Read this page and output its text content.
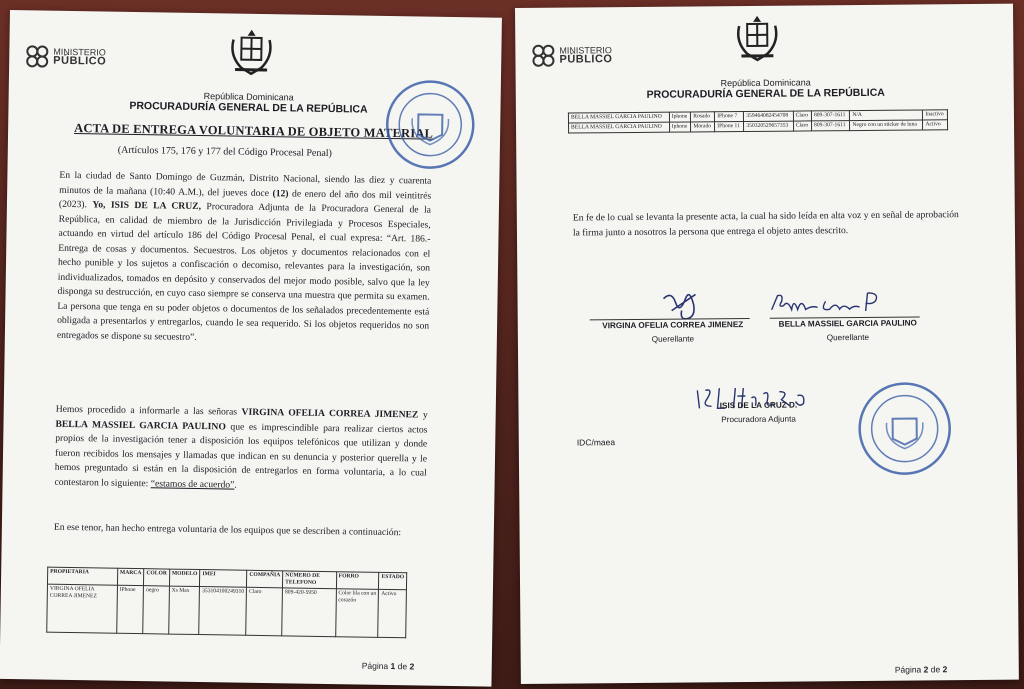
MINISTERIO
PÚBLICO
República Dominicana
PROCURADURÍA GENERAL DE LA REPÚBLICA
ACTA DE ENTREGA VOLUNTARIA DE OBJETO MATERIAL
(Artículos 175, 176 y 177 del Código Procesal Penal)
En la ciudad de Santo Domingo de Guzmán, Distrito Nacional, siendo las diez y cuarenta minutos de la mañana (10:40 A.M.), del jueves doce (12) de enero del año dos mil veintitrés (2023). Yo, ISIS DE LA CRUZ, Procuradora Adjunta de la Procuradora General de la República, en calidad de miembro de la Jurisdicción Privilegiada y Procesos Especiales, actuando en virtud del artículo 186 del Código Procesal Penal, el cual expresa: “Art. 186.- Entrega de cosas y documentos. Secuestros. Los objetos y documentos relacionados con el hecho punible y los sujetos a confiscación o decomiso, relevantes para la investigación, son individualizados, tomados en depósito y conservados del mejor modo posible, salvo que la ley disponga su destrucción, en cuyo caso siempre se conserva una muestra que permita su examen. La persona que tenga en su poder objetos o documentos de los señalados precedentemente está obligada a presentarlos y entregarlos, cuando le sea requerido. Si los objetos requeridos no son entregados se dispone su secuestro”.
Hemos procedido a informarle a las señoras VIRGINA OFELIA CORREA JIMENEZ y BELLA MASSIEL GARCIA PAULINO que es imprescindible para realizar ciertos actos propios de la investigación tener a disposición los equipos telefónicos que utilizan y donde fueron recibidos los mensajes y llamadas que indican en su denuncia y posterior querella y le hemos preguntado si están en la disposición de entregarlos en forma voluntaria, a lo cual contestaron lo siguiente: “estamos de acuerdo”.
En ese tenor, han hecho entrega voluntaria de los equipos que se describen a continuación:
PROPIETARIA	MARCA	COLOR	MODELO	IMEI	COMPAÑIA	NÚMERO DE TELEFONO	FORRO	ESTADO
VIRGINA OFELIA CORREA JIMENEZ	IPhone	negro	Xs Max	353104100249310	Claro	809-420-5950	Color lila con un corazón	Activo
Página 1 de 2
MINISTERIO
PÚBLICO
República Dominicana
PROCURADURÍA GENERAL DE LA REPÚBLICA
BELLA MASSIEL GARCIA PAULINO	Iphone	Rosado	IPhone 7	359464082454708	Claro	809-307-1611	N/A	Inactivo
BELLA MASSIEL GARCIA PAULINO	Iphone	Morado	IPhone 11	350320529657353	Claro	809-307-1611	Negro con un sticker de luna	Activo
En fe de lo cual se levanta la presente acta, la cual ha sido leída en alta voz y en señal de aprobación la firma junto a nosotros la persona que entrega el objeto antes descrito.
VIRGINA OFELIA CORREA JIMENEZ
Querellante
BELLA MASSIEL GARCIA PAULINO
Querellante
ISIS DE LA CRUZ D.
Procuradora Adjunta
IDC/maea
Página 2 de 2
